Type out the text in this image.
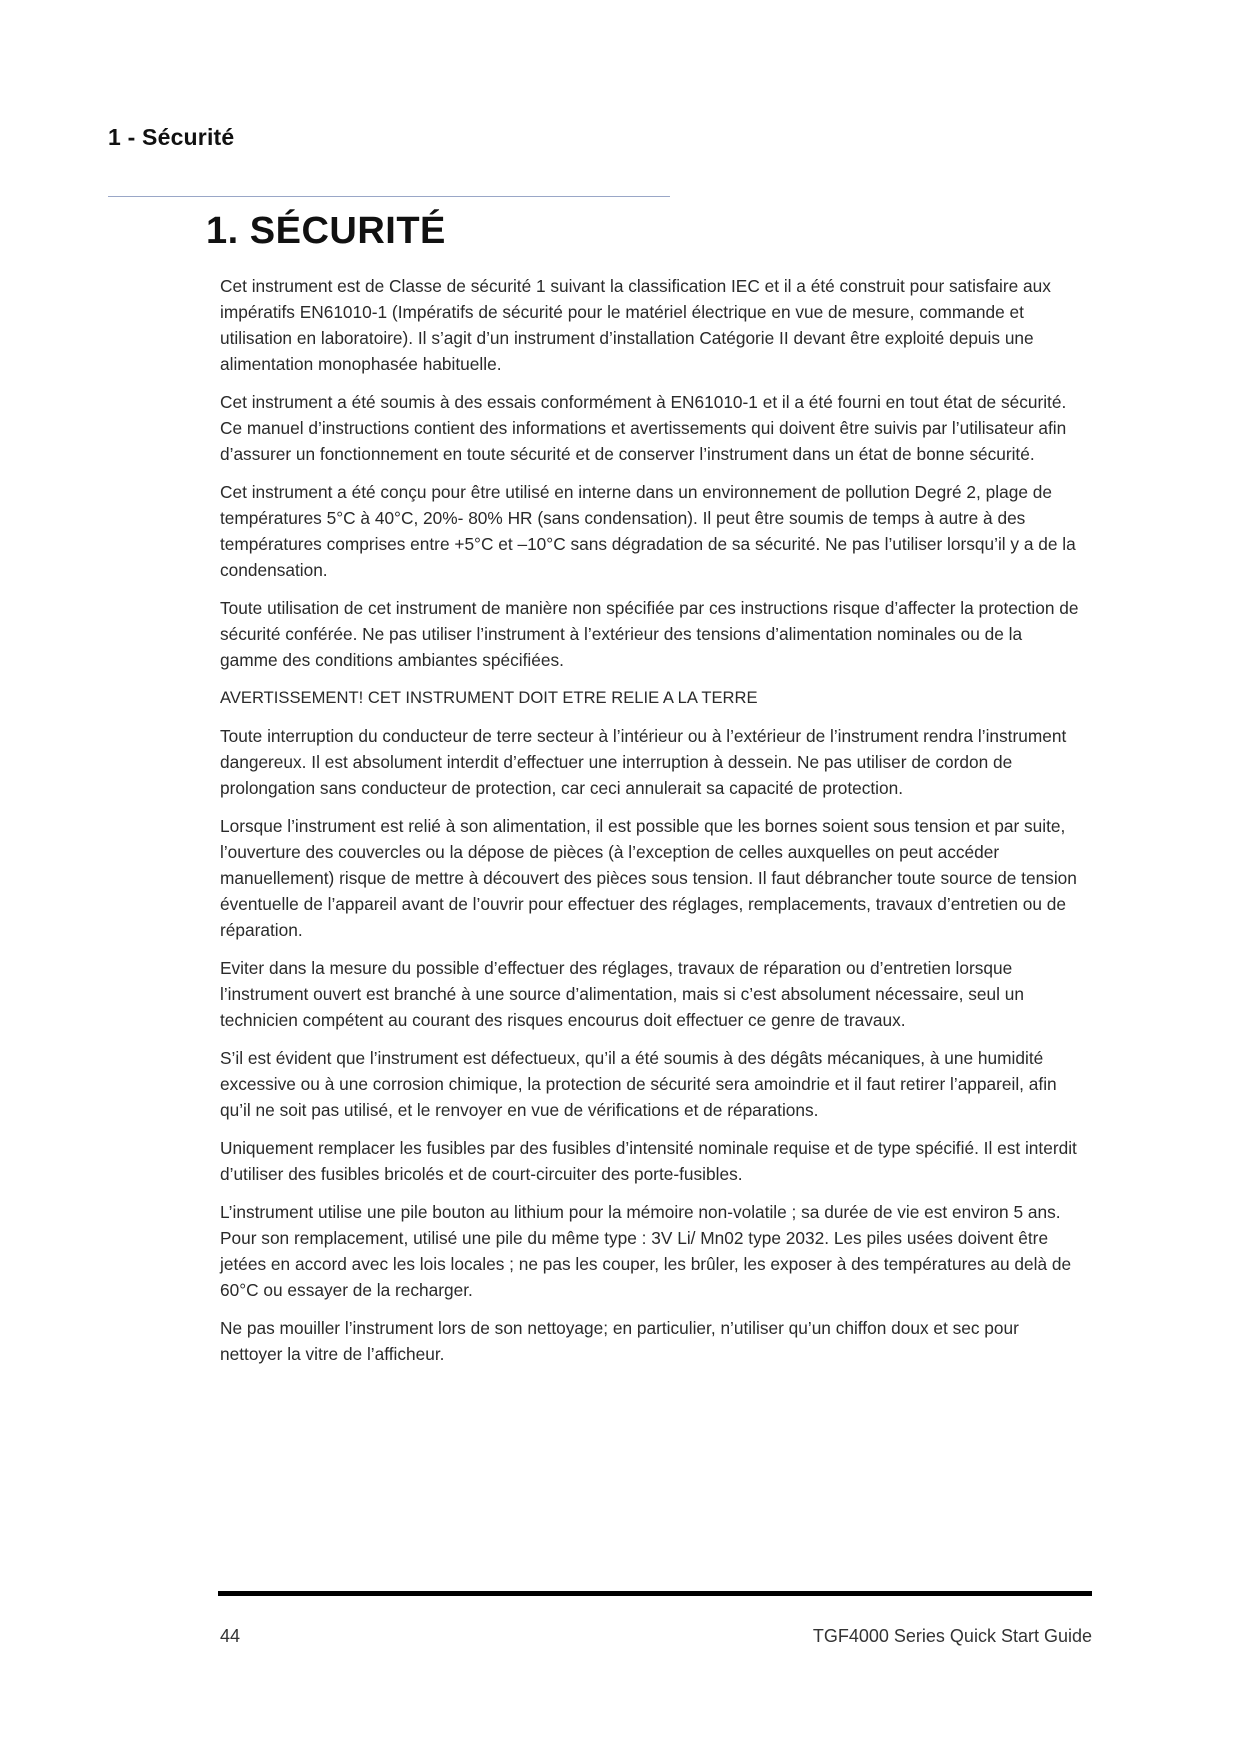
1 - Sécurité
1. SÉCURITÉ

Cet instrument est de Classe de sécurité 1 suivant la classification IEC et il a été construit pour satisfaire aux impératifs EN61010-1 (Impératifs de sécurité pour le matériel électrique en vue de mesure, commande et utilisation en laboratoire). Il s’agit d’un instrument d’installation Catégorie II devant être exploité depuis une alimentation monophasée habituelle.

Cet instrument a été soumis à des essais conformément à EN61010-1 et il a été fourni en tout état de sécurité. Ce manuel d’instructions contient des informations et avertissements qui doivent être suivis par l’utilisateur afin d’assurer un fonctionnement en toute sécurité et de conserver l’instrument dans un état de bonne sécurité.

Cet instrument a été conçu pour être utilisé en interne dans un environnement de pollution Degré 2, plage de températures 5°C à 40°C, 20%- 80% HR (sans condensation). Il peut être soumis de temps à autre à des températures comprises entre +5°C et –10°C sans dégradation de sa sécurité. Ne pas l’utiliser lorsqu’il y a de la condensation.

Toute utilisation de cet instrument de manière non spécifiée par ces instructions risque d’affecter la protection de sécurité conférée. Ne pas utiliser l’instrument à l’extérieur des tensions d’alimentation nominales ou de la gamme des conditions ambiantes spécifiées.

AVERTISSEMENT! CET INSTRUMENT DOIT ETRE RELIE A LA TERRE

Toute interruption du conducteur de terre secteur à l’intérieur ou à l’extérieur de l’instrument rendra l’instrument dangereux. Il est absolument interdit d’effectuer une interruption à dessein. Ne pas utiliser de cordon de prolongation sans conducteur de protection, car ceci annulerait sa capacité de protection.

Lorsque l’instrument est relié à son alimentation, il est possible que les bornes soient sous tension et par suite, l’ouverture des couvercles ou la dépose de pièces (à l’exception de celles auxquelles on peut accéder manuellement) risque de mettre à découvert des pièces sous tension. Il faut débrancher toute source de tension éventuelle de l’appareil avant de l’ouvrir pour effectuer des réglages, remplacements, travaux d’entretien ou de réparation.

Eviter dans la mesure du possible d’effectuer des réglages, travaux de réparation ou d’entretien lorsque l’instrument ouvert est branché à une source d’alimentation, mais si c’est absolument nécessaire, seul un technicien compétent au courant des risques encourus doit effectuer ce genre de travaux.

S’il est évident que l’instrument est défectueux, qu’il a été soumis à des dégâts mécaniques, à une humidité excessive ou à une corrosion chimique, la protection de sécurité sera amoindrie et il faut retirer l’appareil, afin qu’il ne soit pas utilisé, et le renvoyer en vue de vérifications et de réparations.

Uniquement remplacer les fusibles par des fusibles d’intensité nominale requise et de type spécifié. Il est interdit d’utiliser des fusibles bricolés et de court-circuiter des porte-fusibles.

L’instrument utilise une pile bouton au lithium pour la mémoire non-volatile ; sa durée de vie est environ 5 ans. Pour son remplacement, utilisé une pile du même type : 3V Li/ Mn02 type 2032. Les piles usées doivent être jetées en accord avec les lois locales ; ne pas les couper, les brûler, les exposer à des températures au delà de 60°C ou essayer de la recharger.

Ne pas mouiller l’instrument lors de son nettoyage; en particulier, n’utiliser qu’un chiffon doux et sec pour nettoyer la vitre de l’afficheur.

44	TGF4000 Series Quick Start Guide
